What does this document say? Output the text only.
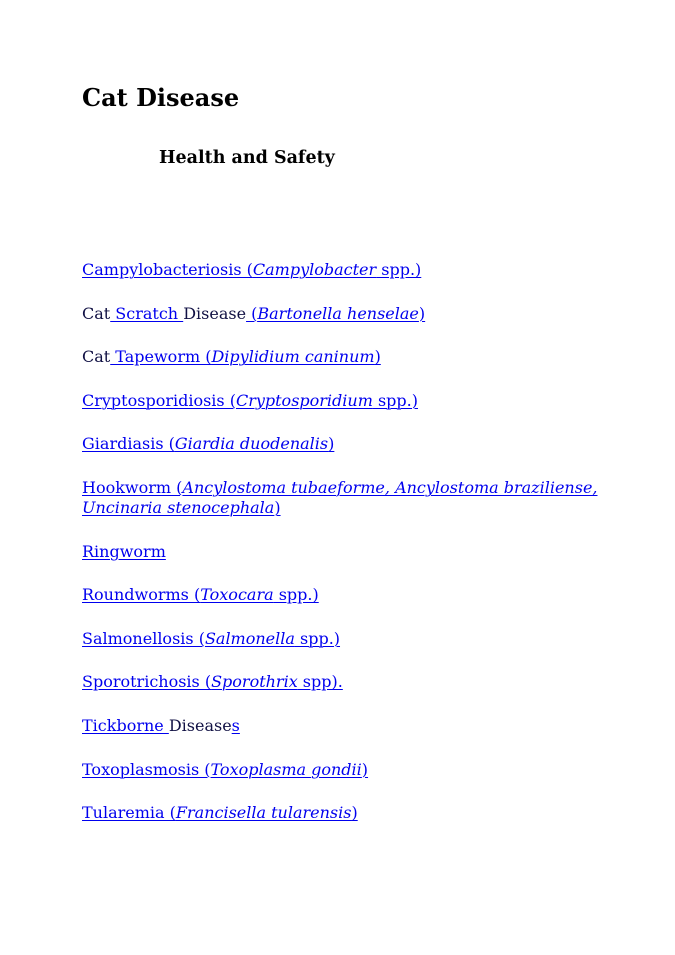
Cat Disease
Health and Safety
Campylobacteriosis (Campylobacter spp.)
Cat Scratch Disease (Bartonella henselae)
Cat Tapeworm (Dipylidium caninum)
Cryptosporidiosis (Cryptosporidium spp.)
Giardiasis (Giardia duodenalis)
Hookworm (Ancylostoma tubaeforme, Ancylostoma braziliense, Uncinaria stenocephala)
Ringworm
Roundworms (Toxocara spp.)
Salmonellosis (Salmonella spp.)
Sporotrichosis (Sporothrix spp).
Tickborne Diseases
Toxoplasmosis (Toxoplasma gondii)
Tularemia (Francisella tularensis)
